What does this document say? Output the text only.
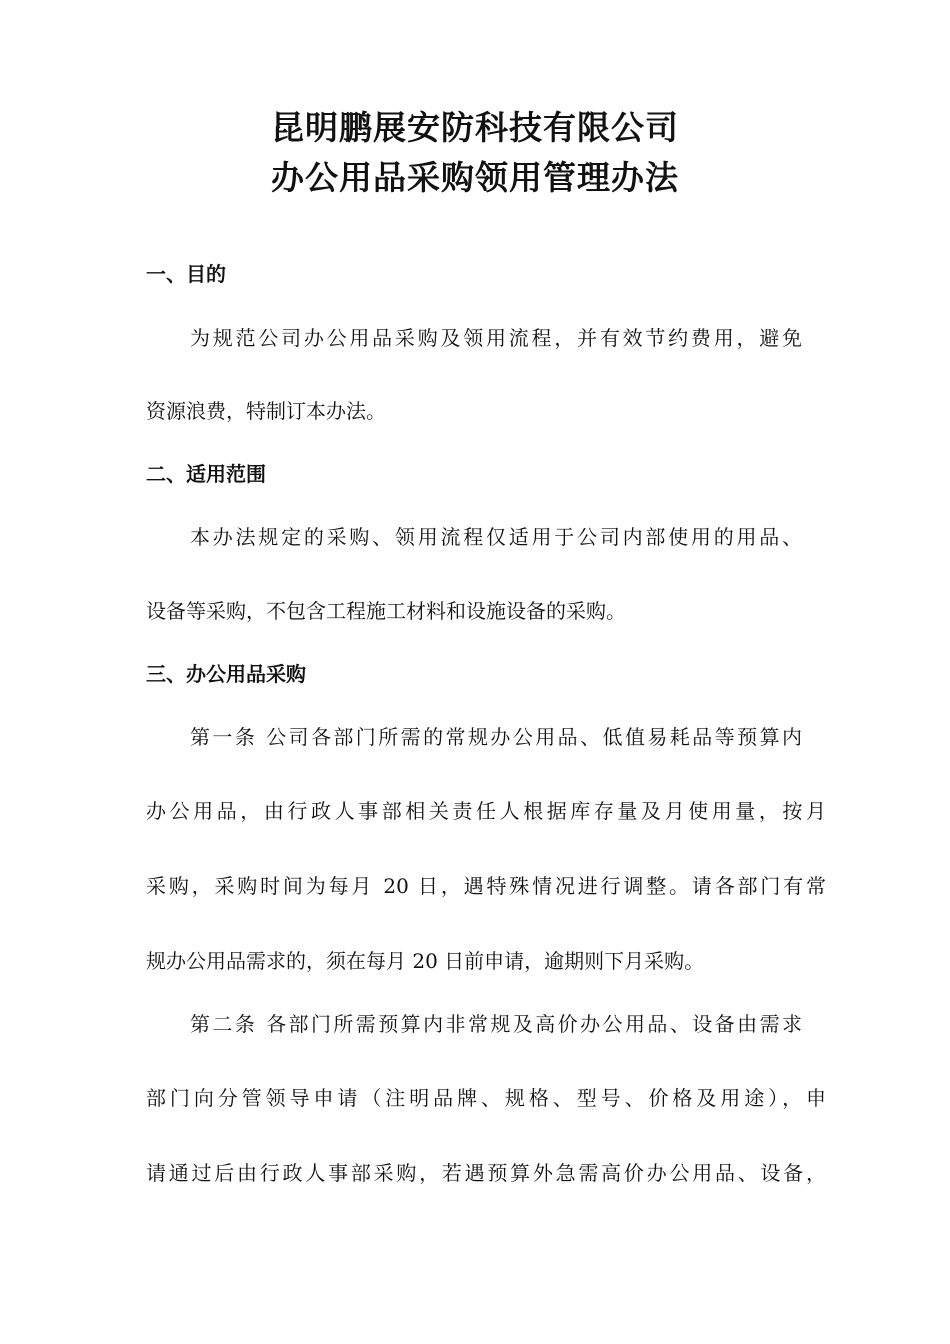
昆明鹏展安防科技有限公司
办公用品采购领用管理办法
一、目的
为规范公司办公用品采购及领用流程，并有效节约费用，避免
资源浪费，特制订本办法。
二、适用范围
本办法规定的采购、领用流程仅适用于公司内部使用的用品、
设备等采购，不包含工程施工材料和设施设备的采购。
三、办公用品采购
第一条 公司各部门所需的常规办公用品、低值易耗品等预算内
办公用品，由行政人事部相关责任人根据库存量及月使用量，按月
采购，采购时间为每月 20 日，遇特殊情况进行调整。请各部门有常
规办公用品需求的，须在每月 20 日前申请，逾期则下月采购。
第二条 各部门所需预算内非常规及高价办公用品、设备由需求
部门向分管领导申请（注明品牌、规格、型号、价格及用途），申
请通过后由行政人事部采购，若遇预算外急需高价办公用品、设备，
